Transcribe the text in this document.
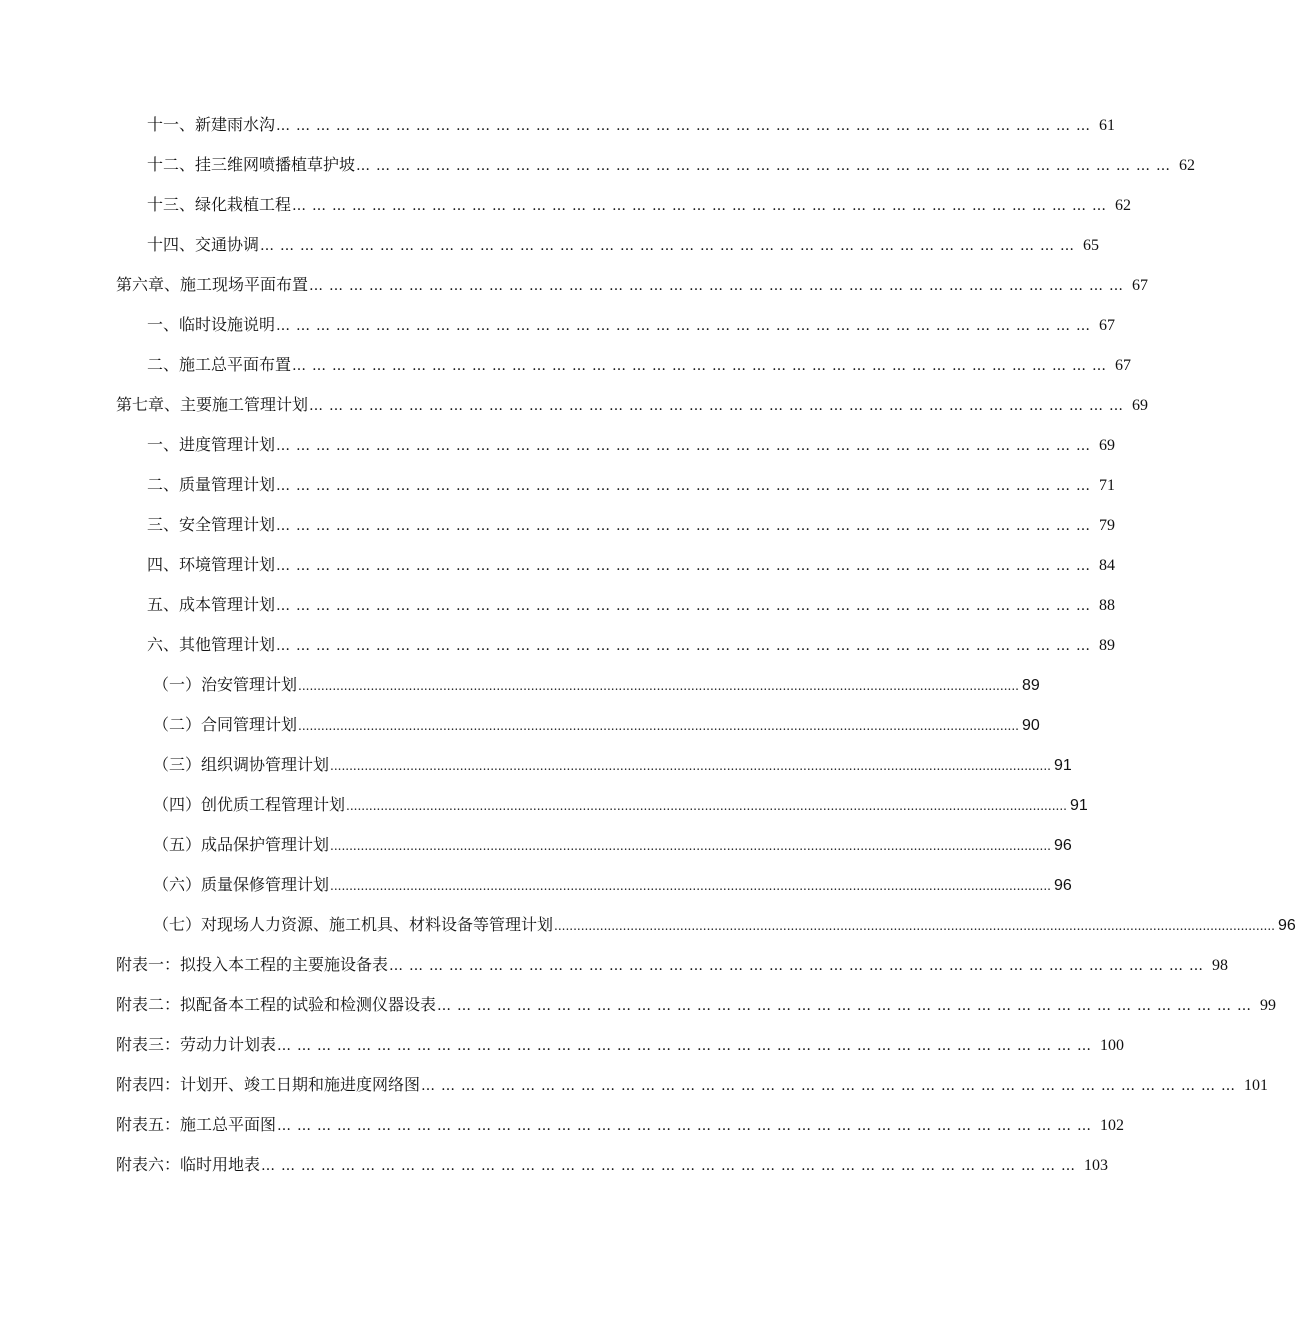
十一、新建雨水沟 …………………………………………………………………………………………………………… 61
十二、挂三维网喷播植草护坡 …………………………………………………………………………………………………………… 62
十三、绿化栽植工程 …………………………………………………………………………………………………………… 62
十四、交通协调 …………………………………………………………………………………………………………… 65
第六章、施工现场平面布置 …………………………………………………………………………………………………………… 67
一、临时设施说明 …………………………………………………………………………………………………………… 67
二、施工总平面布置 …………………………………………………………………………………………………………… 67
第七章、主要施工管理计划 …………………………………………………………………………………………………………… 69
一、进度管理计划 …………………………………………………………………………………………………………… 69
二、质量管理计划 …………………………………………………………………………………………………………… 71
三、安全管理计划 …………………………………………………………………………………………………………… 79
四、环境管理计划 …………………………………………………………………………………………………………… 84
五、成本管理计划 …………………………………………………………………………………………………………… 88
六、其他管理计划 …………………………………………………………………………………………………………… 89
（一）治安管理计划 ............................................................................................................................................................................................. 89
（二）合同管理计划 ............................................................................................................................................................................................. 90
（三）组织调协管理计划 ............................................................................................................................................................................................. 91
（四）创优质工程管理计划 ............................................................................................................................................................................................. 91
（五）成品保护管理计划 ............................................................................................................................................................................................. 96
（六）质量保修管理计划 ............................................................................................................................................................................................. 96
（七）对现场人力资源、施工机具、材料设备等管理计划 ............................................................................................................................................................................................. 96
附表一：拟投入本工程的主要施设备表 …………………………………………………………………………………………………………… 98
附表二：拟配备本工程的试验和检测仪器设表 …………………………………………………………………………………………………………… 99
附表三：劳动力计划表 …………………………………………………………………………………………………………… 100
附表四：计划开、竣工日期和施进度网络图 …………………………………………………………………………………………………………… 101
附表五：施工总平面图 …………………………………………………………………………………………………………… 102
附表六：临时用地表 …………………………………………………………………………………………………………… 103
